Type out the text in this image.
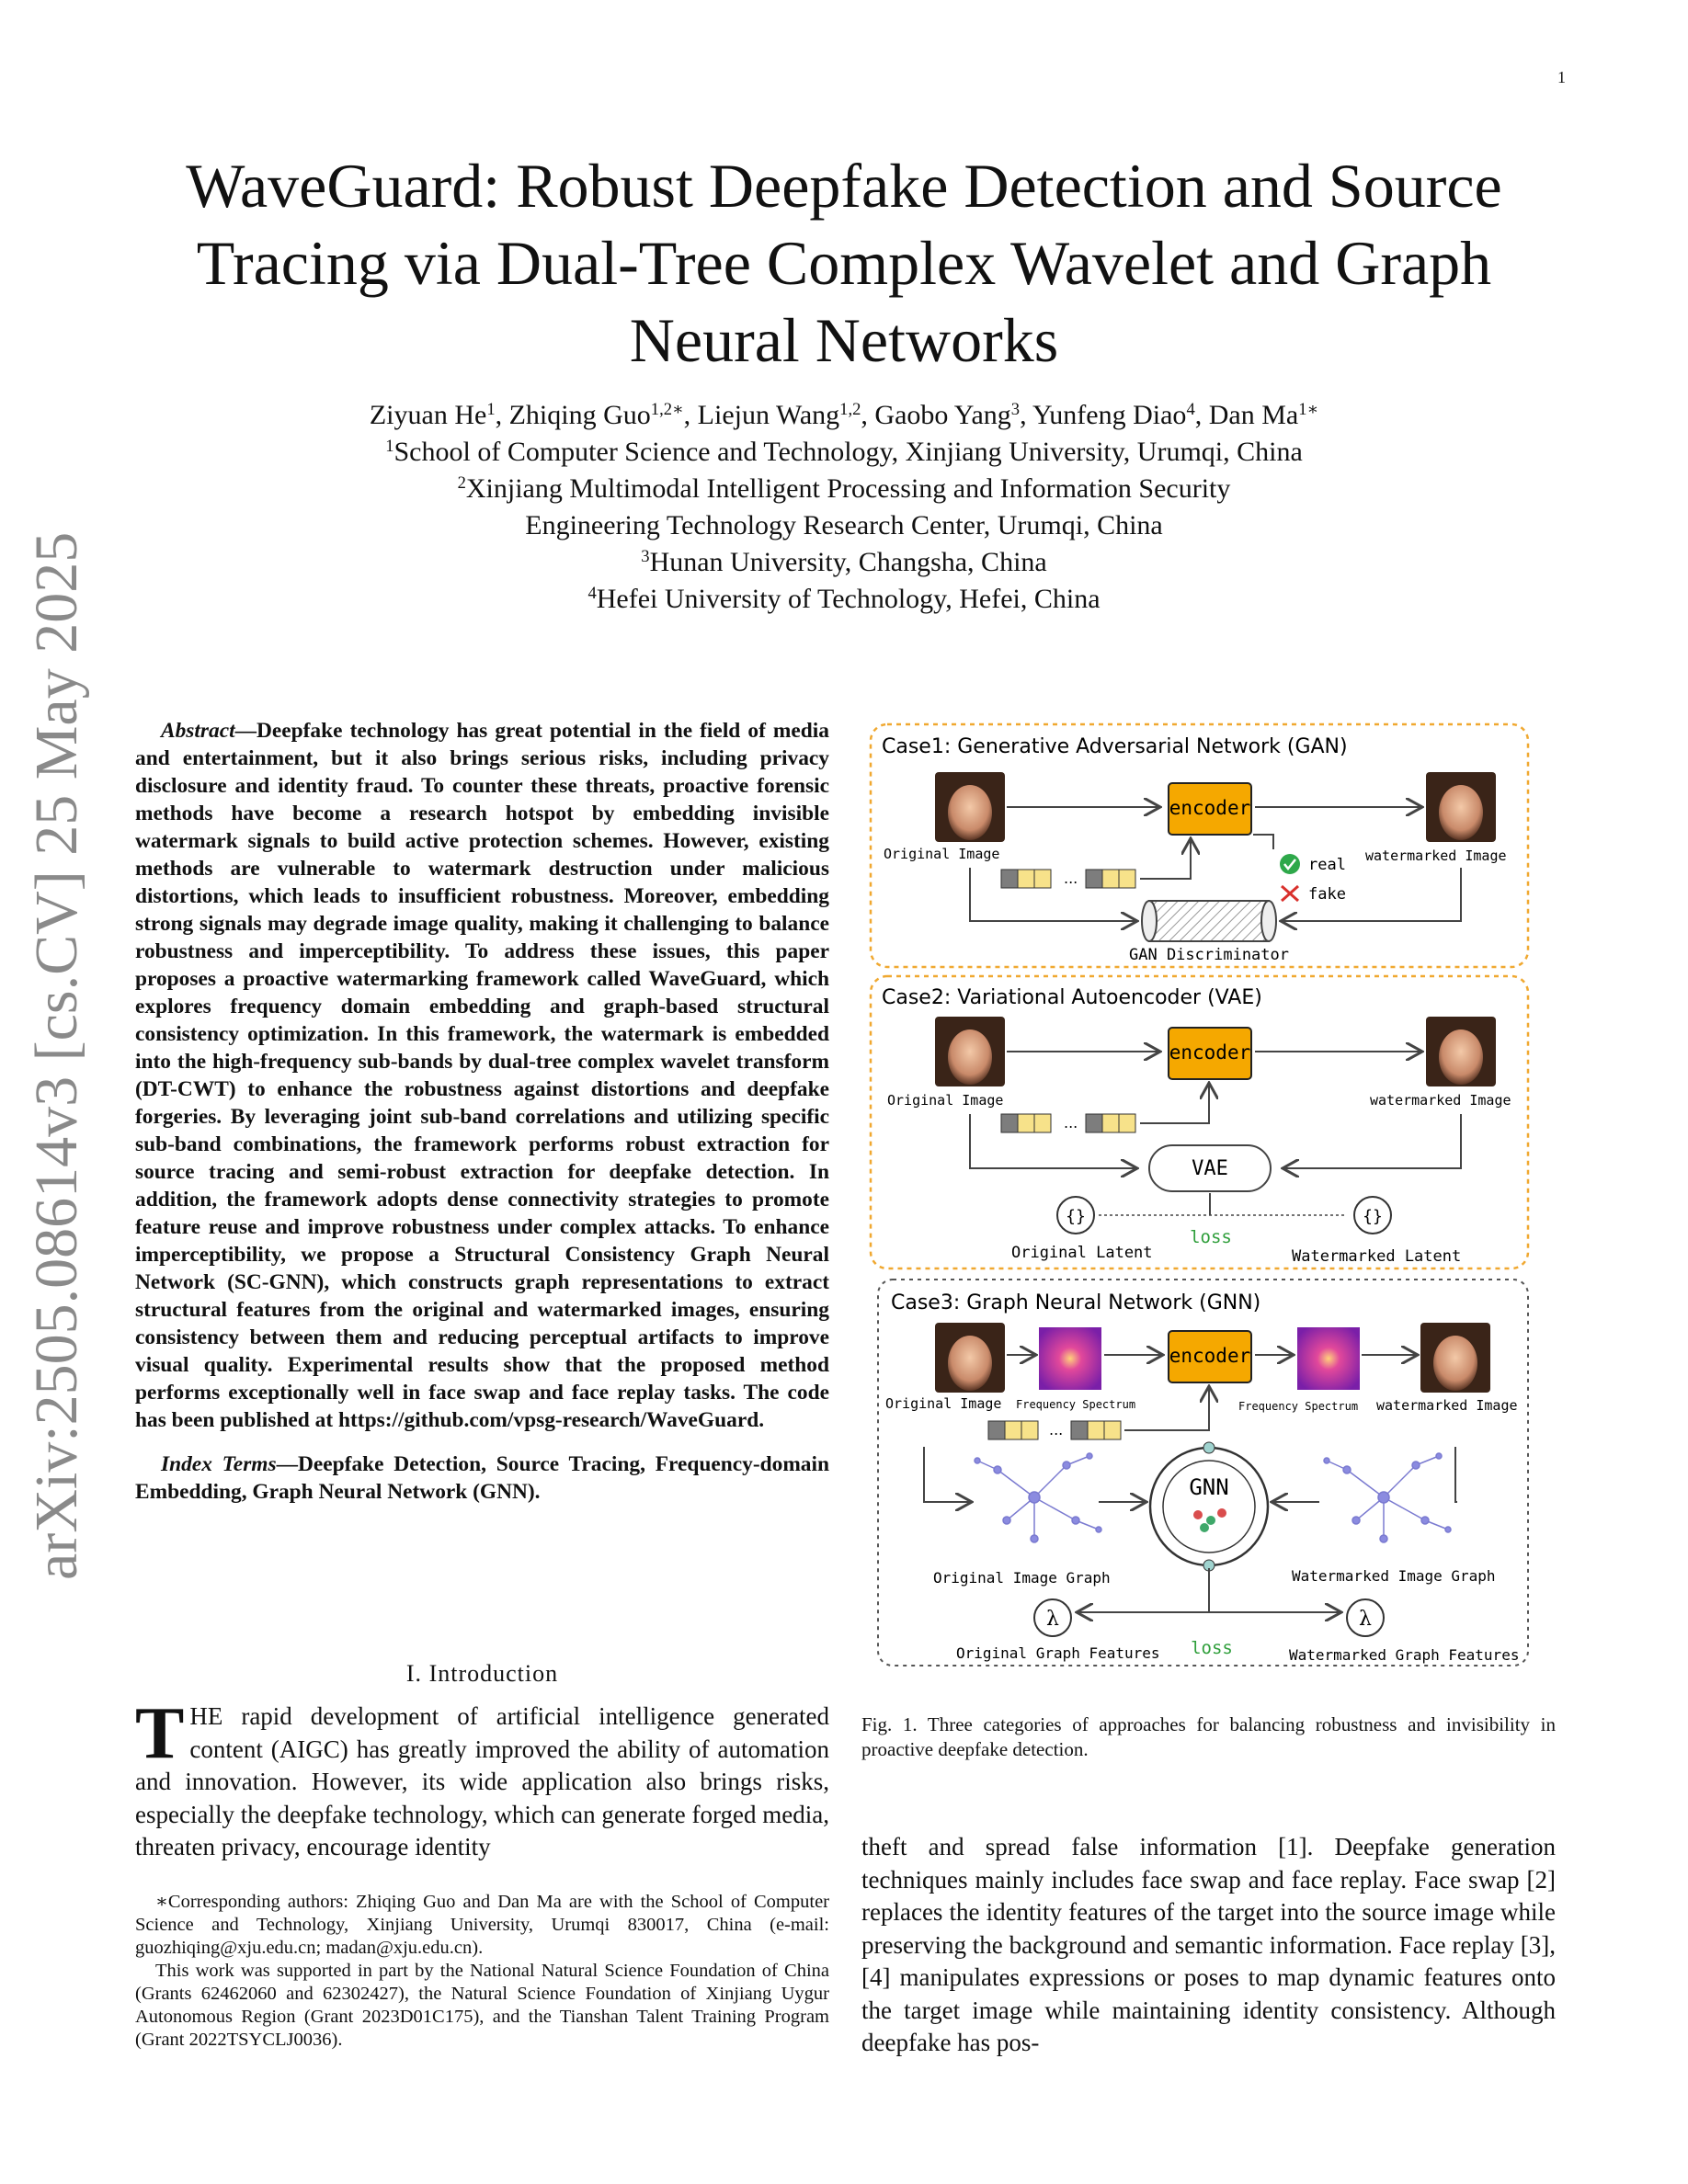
1
arXiv:2505.08614v3 [cs.CV] 25 May 2025
WaveGuard: Robust Deepfake Detection and Source Tracing via Dual-Tree Complex Wavelet and Graph Neural Networks
Ziyuan He$^1$, Zhiqing Guo$^{1,2∗}$, Liejun Wang$^{1,2}$, Gaobo Yang$^3$, Yunfeng Diao$^4$, Dan $Ma^{1∗}$
$^1$School of Computer Science and Technology, Xinjiang University, Urumqi, China
$^2$Xinjiang Multimodal Intelligent Processing and Information Security
Engineering Technology Research Center, Urumqi, China
$^3$Hunan University, Changsha, China
$^4$Hefei University of Technology, Hefei, China

Abstract—Deepfake technology has great potential in the field of media and entertainment, but it also brings serious risks, including privacy disclosure and identity fraud. To counter these threats, proactive forensic methods have become a research hotspot by embedding invisible watermark signals to build active protection schemes. However, existing methods are vulnerable to watermark destruction under malicious distortions, which leads to insufficient robustness. Moreover, embedding strong signals may degrade image quality, making it challenging to balance robustness and imperceptibility. To address these issues, this paper proposes a proactive watermarking framework called WaveGuard, which explores frequency domain embedding and graph-based structural consistency optimization. In this framework, the watermark is embedded into the high-frequency sub-bands by dual-tree complex wavelet transform (DT-CWT) to enhance the robustness against distortions and deepfake forgeries. By leveraging joint sub-band correlations and utilizing specific sub-band combinations, the framework performs robust extraction for source tracing and semi-robust extraction for deepfake detection. In addition, the framework adopts dense connectivity strategies to promote feature reuse and improve robustness under complex attacks. To enhance imperceptibility, we propose a Structural Consistency Graph Neural Network (SC-GNN), which constructs graph representations to extract structural features from the original and watermarked images, ensuring consistency between them and reducing perceptual artifacts to improve visual quality. Experimental results show that the proposed method performs exceptionally well in face swap and face replay tasks. The code has been published at https://github.com/vpsg-research/WaveGuard.

Index Terms—Deepfake Detection, Source Tracing, Frequency-domain Embedding, Graph Neural Network (GNN).

I. Introduction

THE rapid development of artificial intelligence generated content (AIGC) has greatly improved the ability of automation and innovation. However, its wide application also brings risks, especially the deepfake technology, which can generate forged media, threaten privacy, encourage identity

∗Corresponding authors: Zhiqing Guo and Dan Ma are with the School of Computer Science and Technology, Xinjiang University, Urumqi 830017, China (e-mail: guozhiqing@xju.edu.cn; madan@xju.edu.cn).

This work was supported in part by the National Natural Science Foundation of China (Grants 62462060 and 62302427), the Natural Science Foundation of Xinjiang Uygur Autonomous Region (Grant 2023D01C175), and the Tianshan Talent Training Program (Grant 2022TSYCLJ0036).

Case1: Generative Adversarial Network (GAN)
Original Image
encoder
watermarked Image
...
real
fake
GAN Discriminator
Case2: Variational Autoencoder (VAE)
Original Image
encoder
watermarked Image
...
VAE
{}	{}
loss
Original Latent	Watermarked Latent
Case3: Graph Neural Network (GNN)
encoder
Original Image Frequency Spectrum	Frequency Spectrum watermarked Image
...
GNN
Original Image Graph	Watermarked Image Graph
λ	λ
loss
Original Graph Features	Watermarked Graph Features
Fig. 1. Three categories of approaches for balancing robustness and invisibility in proactive deepfake detection.

theft and spread false information [1]. Deepfake generation techniques mainly includes face swap and face replay. Face swap [2] replaces the identity features of the target into the source image while preserving the background and semantic information. Face replay [3], [4] manipulates expressions or poses to map dynamic features onto the target image while maintaining identity consistency. Although deepfake has pos-
